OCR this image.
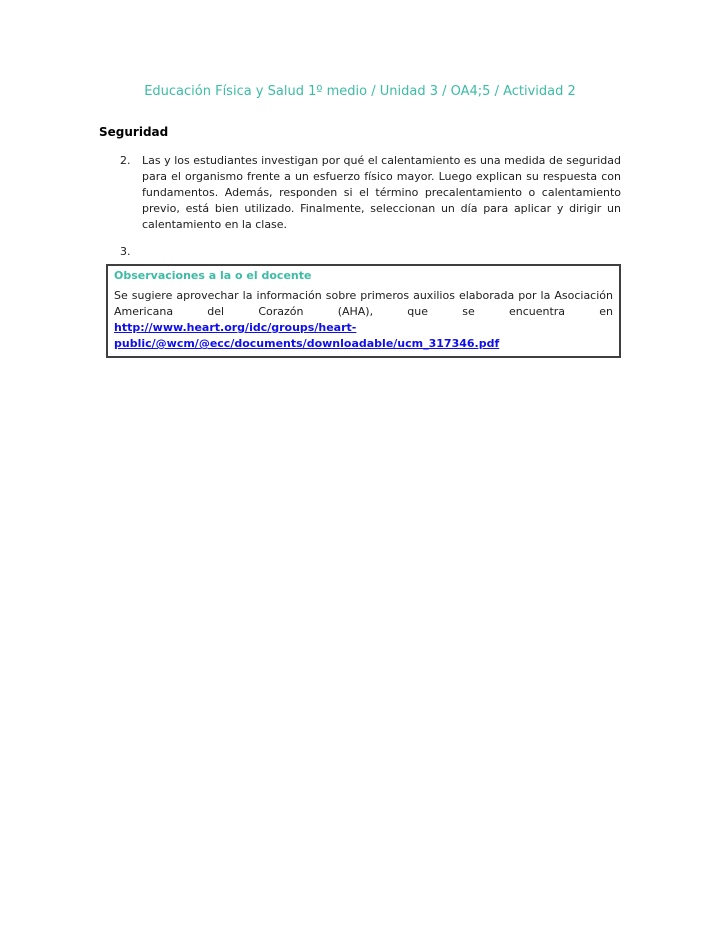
Educación Física y Salud 1º medio / Unidad 3 / OA4;5 / Actividad 2
Seguridad
2.	Las y los estudiantes investigan por qué el calentamiento es una medida de seguridad para el organismo frente a un esfuerzo físico mayor. Luego explican su respuesta con fundamentos. Además, responden si el término precalentamiento o calentamiento previo, está bien utilizado. Finalmente, seleccionan un día para aplicar y dirigir un calentamiento en la clase.
3.
Observaciones a la o el docente
Se sugiere aprovechar la información sobre primeros auxilios elaborada por la Asociación Americana del Corazón (AHA), que se encuentra en http://www.heart.org/idc/groups/heart-public/@wcm/@ecc/documents/downloadable/ucm_317346.pdf
